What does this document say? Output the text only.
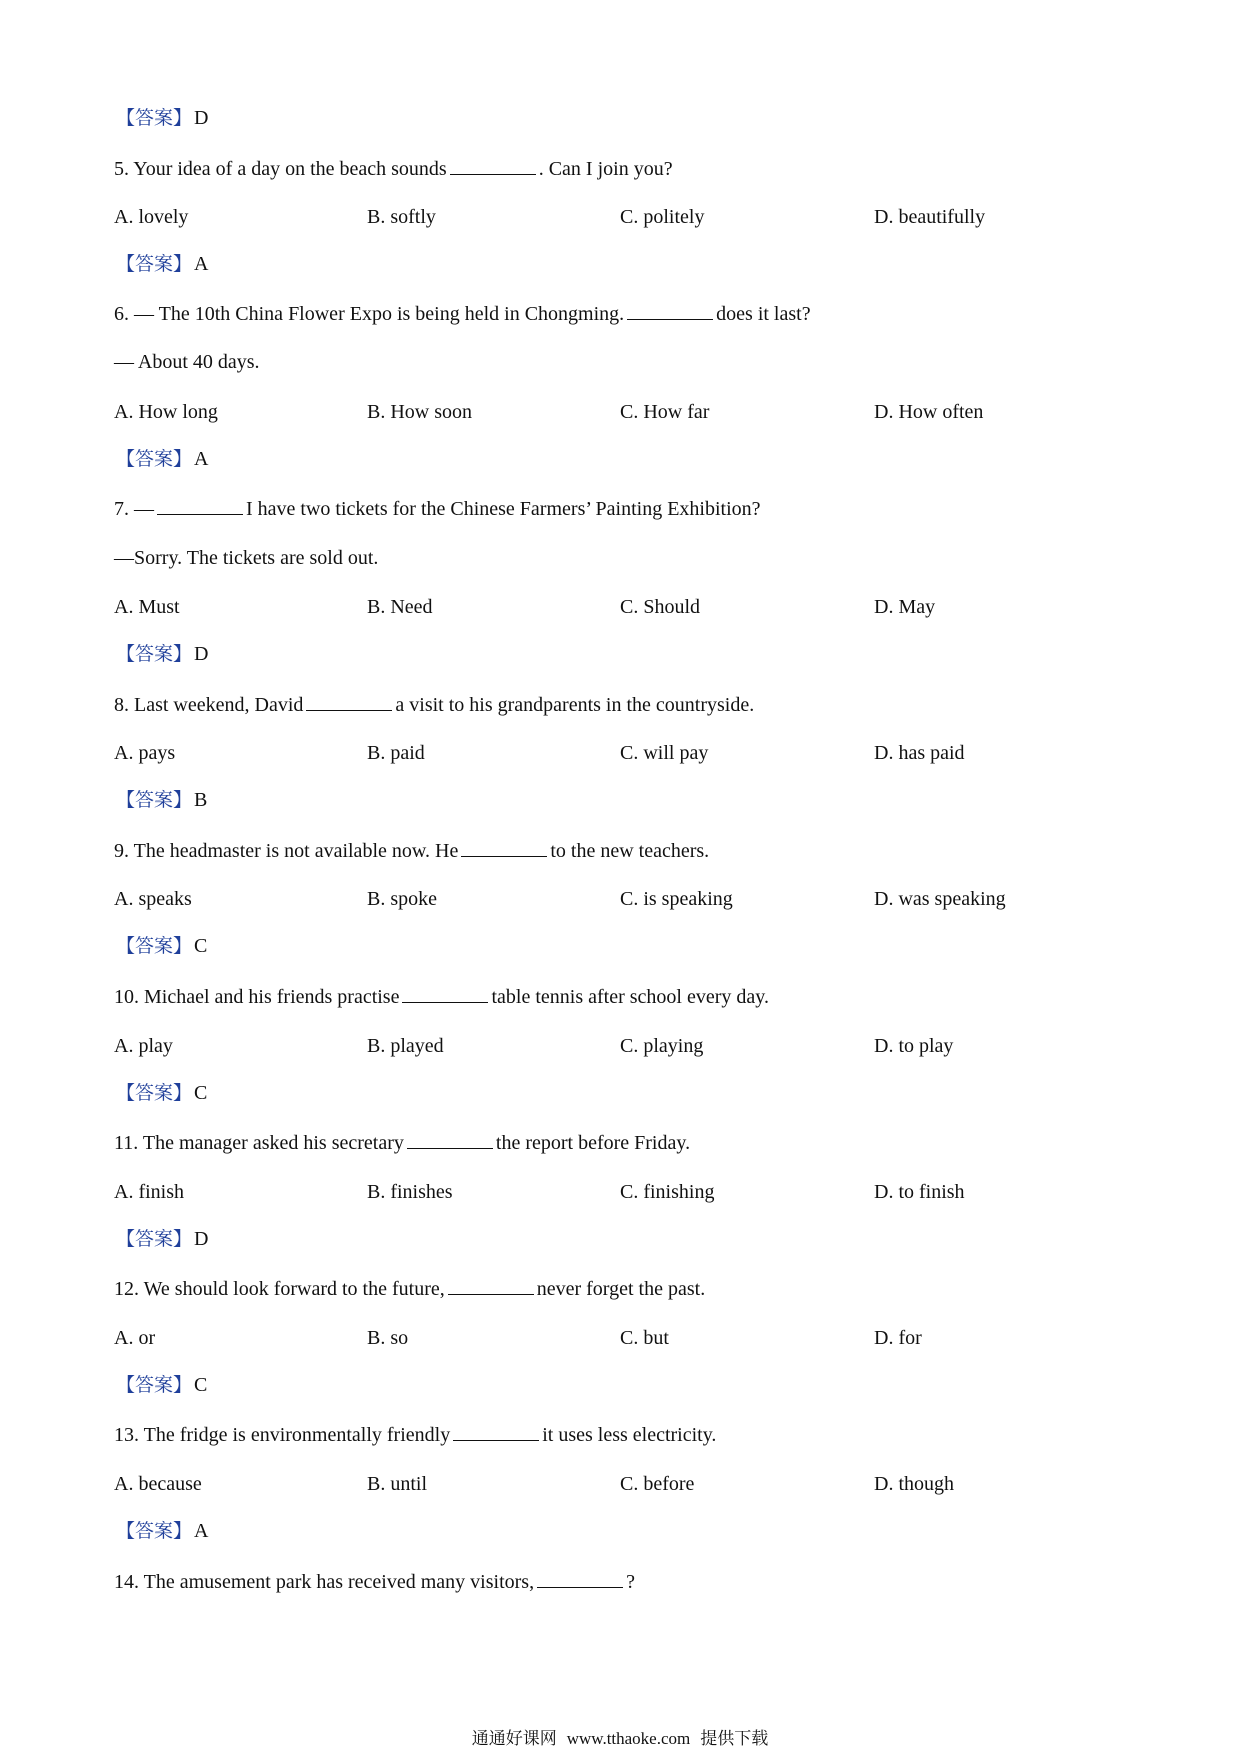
【答案】 D
5. Your idea of a day on the beach sounds	. Can I join you?
A. lovely	B. softly	C. politely	D. beautifully
【答案】 A
6. — The 10th China Flower Expo is being held in Chongming.	does it last?
— About 40 days.
A. How long	B. How soon	C. How far	D. How often
【答案】 A
7. —	I have two tickets for the Chinese Farmers’ Painting Exhibition?
—Sorry. The tickets are sold out.
A. Must	B. Need	C. Should	D. May
【答案】 D
8. Last weekend, David	a visit to his grandparents in the countryside.
A. pays	B. paid	C. will pay	D. has paid
【答案】 B
9. The headmaster is not available now. He	to the new teachers.
A. speaks	B. spoke	C. is speaking	D. was speaking
【答案】 C
10. Michael and his friends practise	table tennis after school every day.
A. play	B. played	C. playing	D. to play
【答案】 C
11. The manager asked his secretary	the report before Friday.
A. finish	B. finishes	C. finishing	D. to finish
【答案】 D
12. We should look forward to the future,	never forget the past.
A. or	B. so	C. but	D. for
【答案】 C
13. The fridge is environmentally friendly	it uses less electricity.
A. because	B. until	C. before	D. though
【答案】 A
14. The amusement park has received many visitors,	?
通通好课网 www.tthaoke.com 提供下载
